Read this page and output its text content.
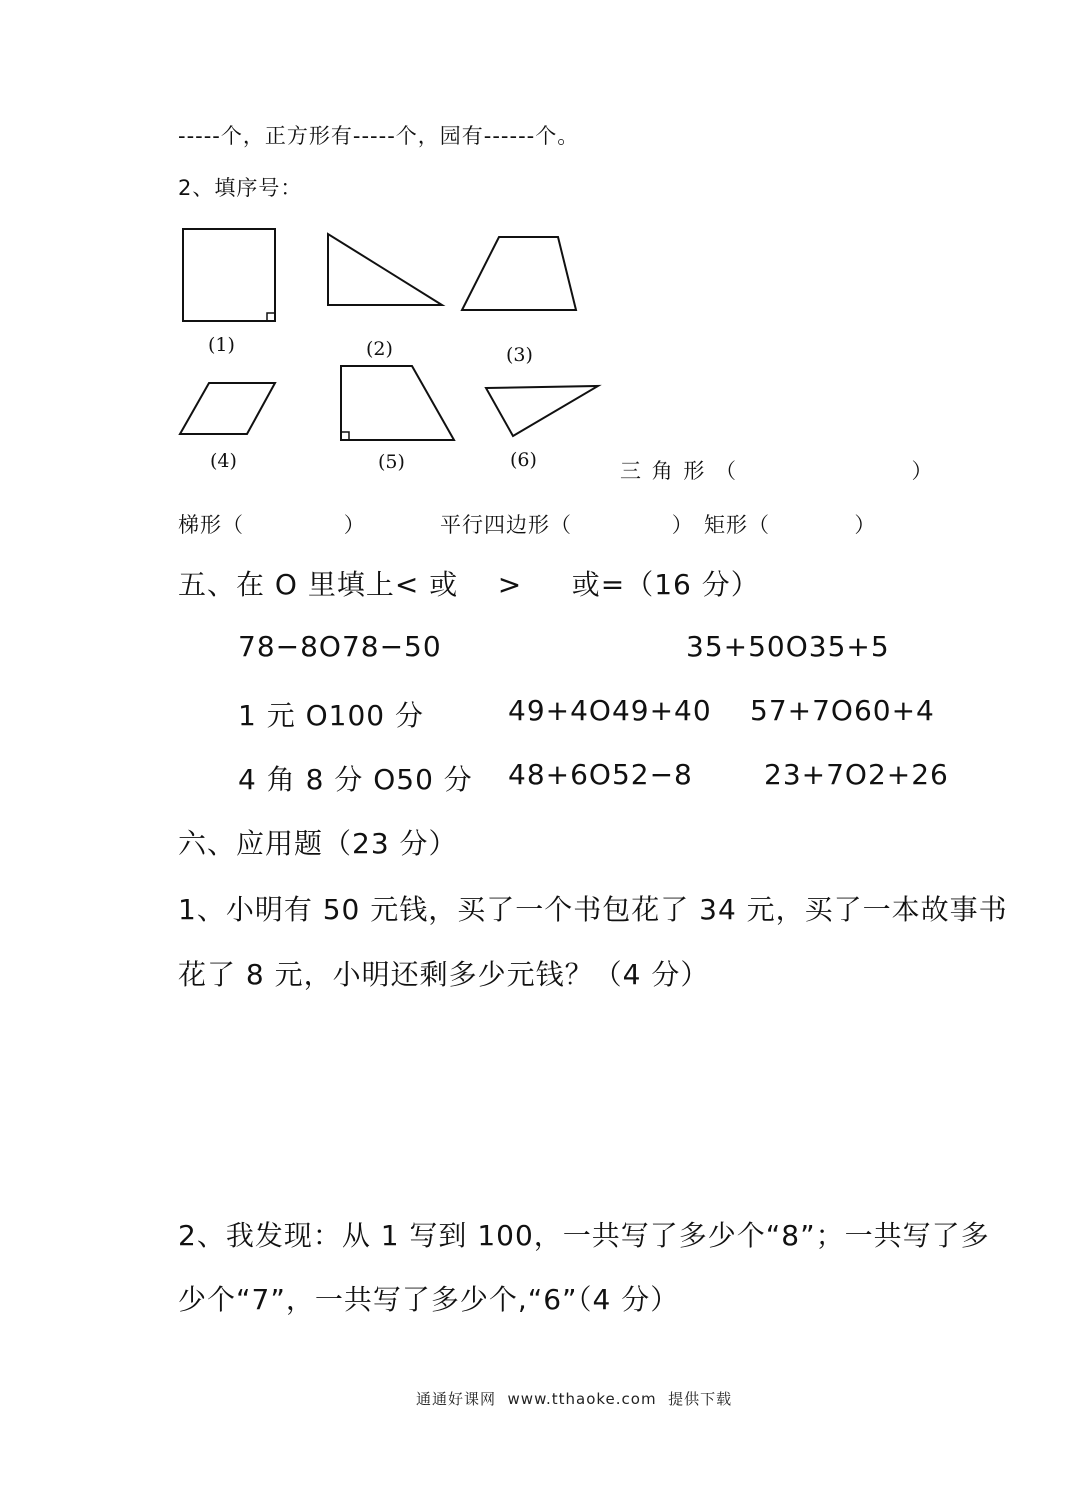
-----个，正方形有-----个，园有------个。
2、填序号：
(1)	(2)	(3)
(4)	(5)	(6)	三 角 形 （                    ）
梯形（             ）	平行四边形（             ） 矩形（           ）
五、在 O 里填上< 或    >     或=（16 分）
78−8O78−50	35+50O35+5
1 元 O100 分	49+4O49+40 57+7O60+4
4 角 8 分 O50 分 48+6O52−8	23+7O2+26
六、应用题（23 分）
1、小明有 50 元钱，买了一个书包花了 34 元，买了一本故事书
花了 8 元，小明还剩多少元钱？（4 分）
2、我发现：从 1 写到 100，一共写了多少个“8”；一共写了多
少个“7”，一共写了多少个,“6”（4 分）
通通好课网  www.tthaoke.com  提供下载
